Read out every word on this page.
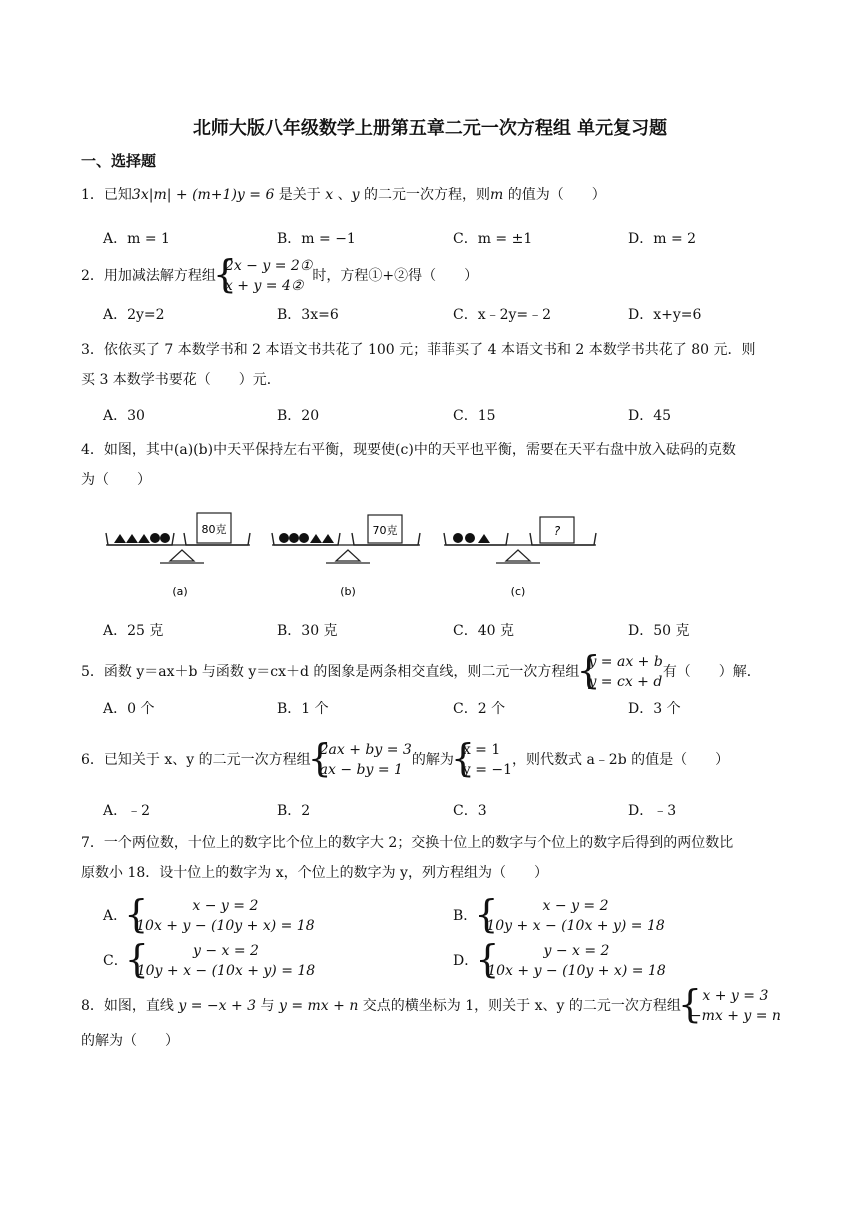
北师大版八年级数学上册第五章二元一次方程组 单元复习题
一、选择题
1．已知3x|m| + (m+1)y = 6 是关于 x 、y 的二元一次方程，则m 的值为（　　）
A．m = 1	B．m = −1	C．m = ±1	D．m = 2
2．用加减法解方程组
{ 2x − y = 2①
x + y = 4②
时，方程①+②得（　　）
A．2y=2	B．3x=6	C．x﹣2y=﹣2	D．x+y=6
3．依依买了 7 本数学书和 2 本语文书共花了 100 元；菲菲买了 4 本语文书和 2 本数学书共花了 80 元．则
买 3 本数学书要花（　　）元．
A．30	B．20	C．15	D．45
4．如图，其中(a)(b)中天平保持左右平衡，现要使(c)中的天平也平衡，需要在天平右盘中放入砝码的克数
为（　　）
80克
(a)
70克
(b)
?
(c)
A．25 克	B．30 克	C．40 克	D．50 克
5．函数 y＝ax＋b 与函数 y＝cx＋d 的图象是两条相交直线，则二元一次方程组
{ y = ax + b
y = cx + d
有（　　）解．
A．0 个	B．1 个	C．2 个	D．3 个
6．已知关于 x、y 的二元一次方程组
{ 2ax + by = 3
ax − by = 1
的解为
{ x = 1
y = −1
，则代数式 a﹣2b 的值是（　　）
A．﹣2	B．2	C．3	D．﹣3
7．一个两位数，十位上的数字比个位上的数字大 2；交换十位上的数字与个位上的数字后得到的两位数比
原数小 18．设十位上的数字为 x，个位上的数字为 y，列方程组为（　　）
A．
{ x − y = 2
10x + y − (10y + x) = 18
B．
{ x − y = 2
10y + x − (10x + y) = 18
C．
{ y − x = 2
10y + x − (10x + y) = 18
D．
{ y − x = 2
10x + y − (10y + x) = 18
8．如图，直线 y = −x + 3 与 y = mx + n 交点的横坐标为 1，则关于 x、y 的二元一次方程组
{ x + y = 3
−mx + y = n
的解为（　　）
